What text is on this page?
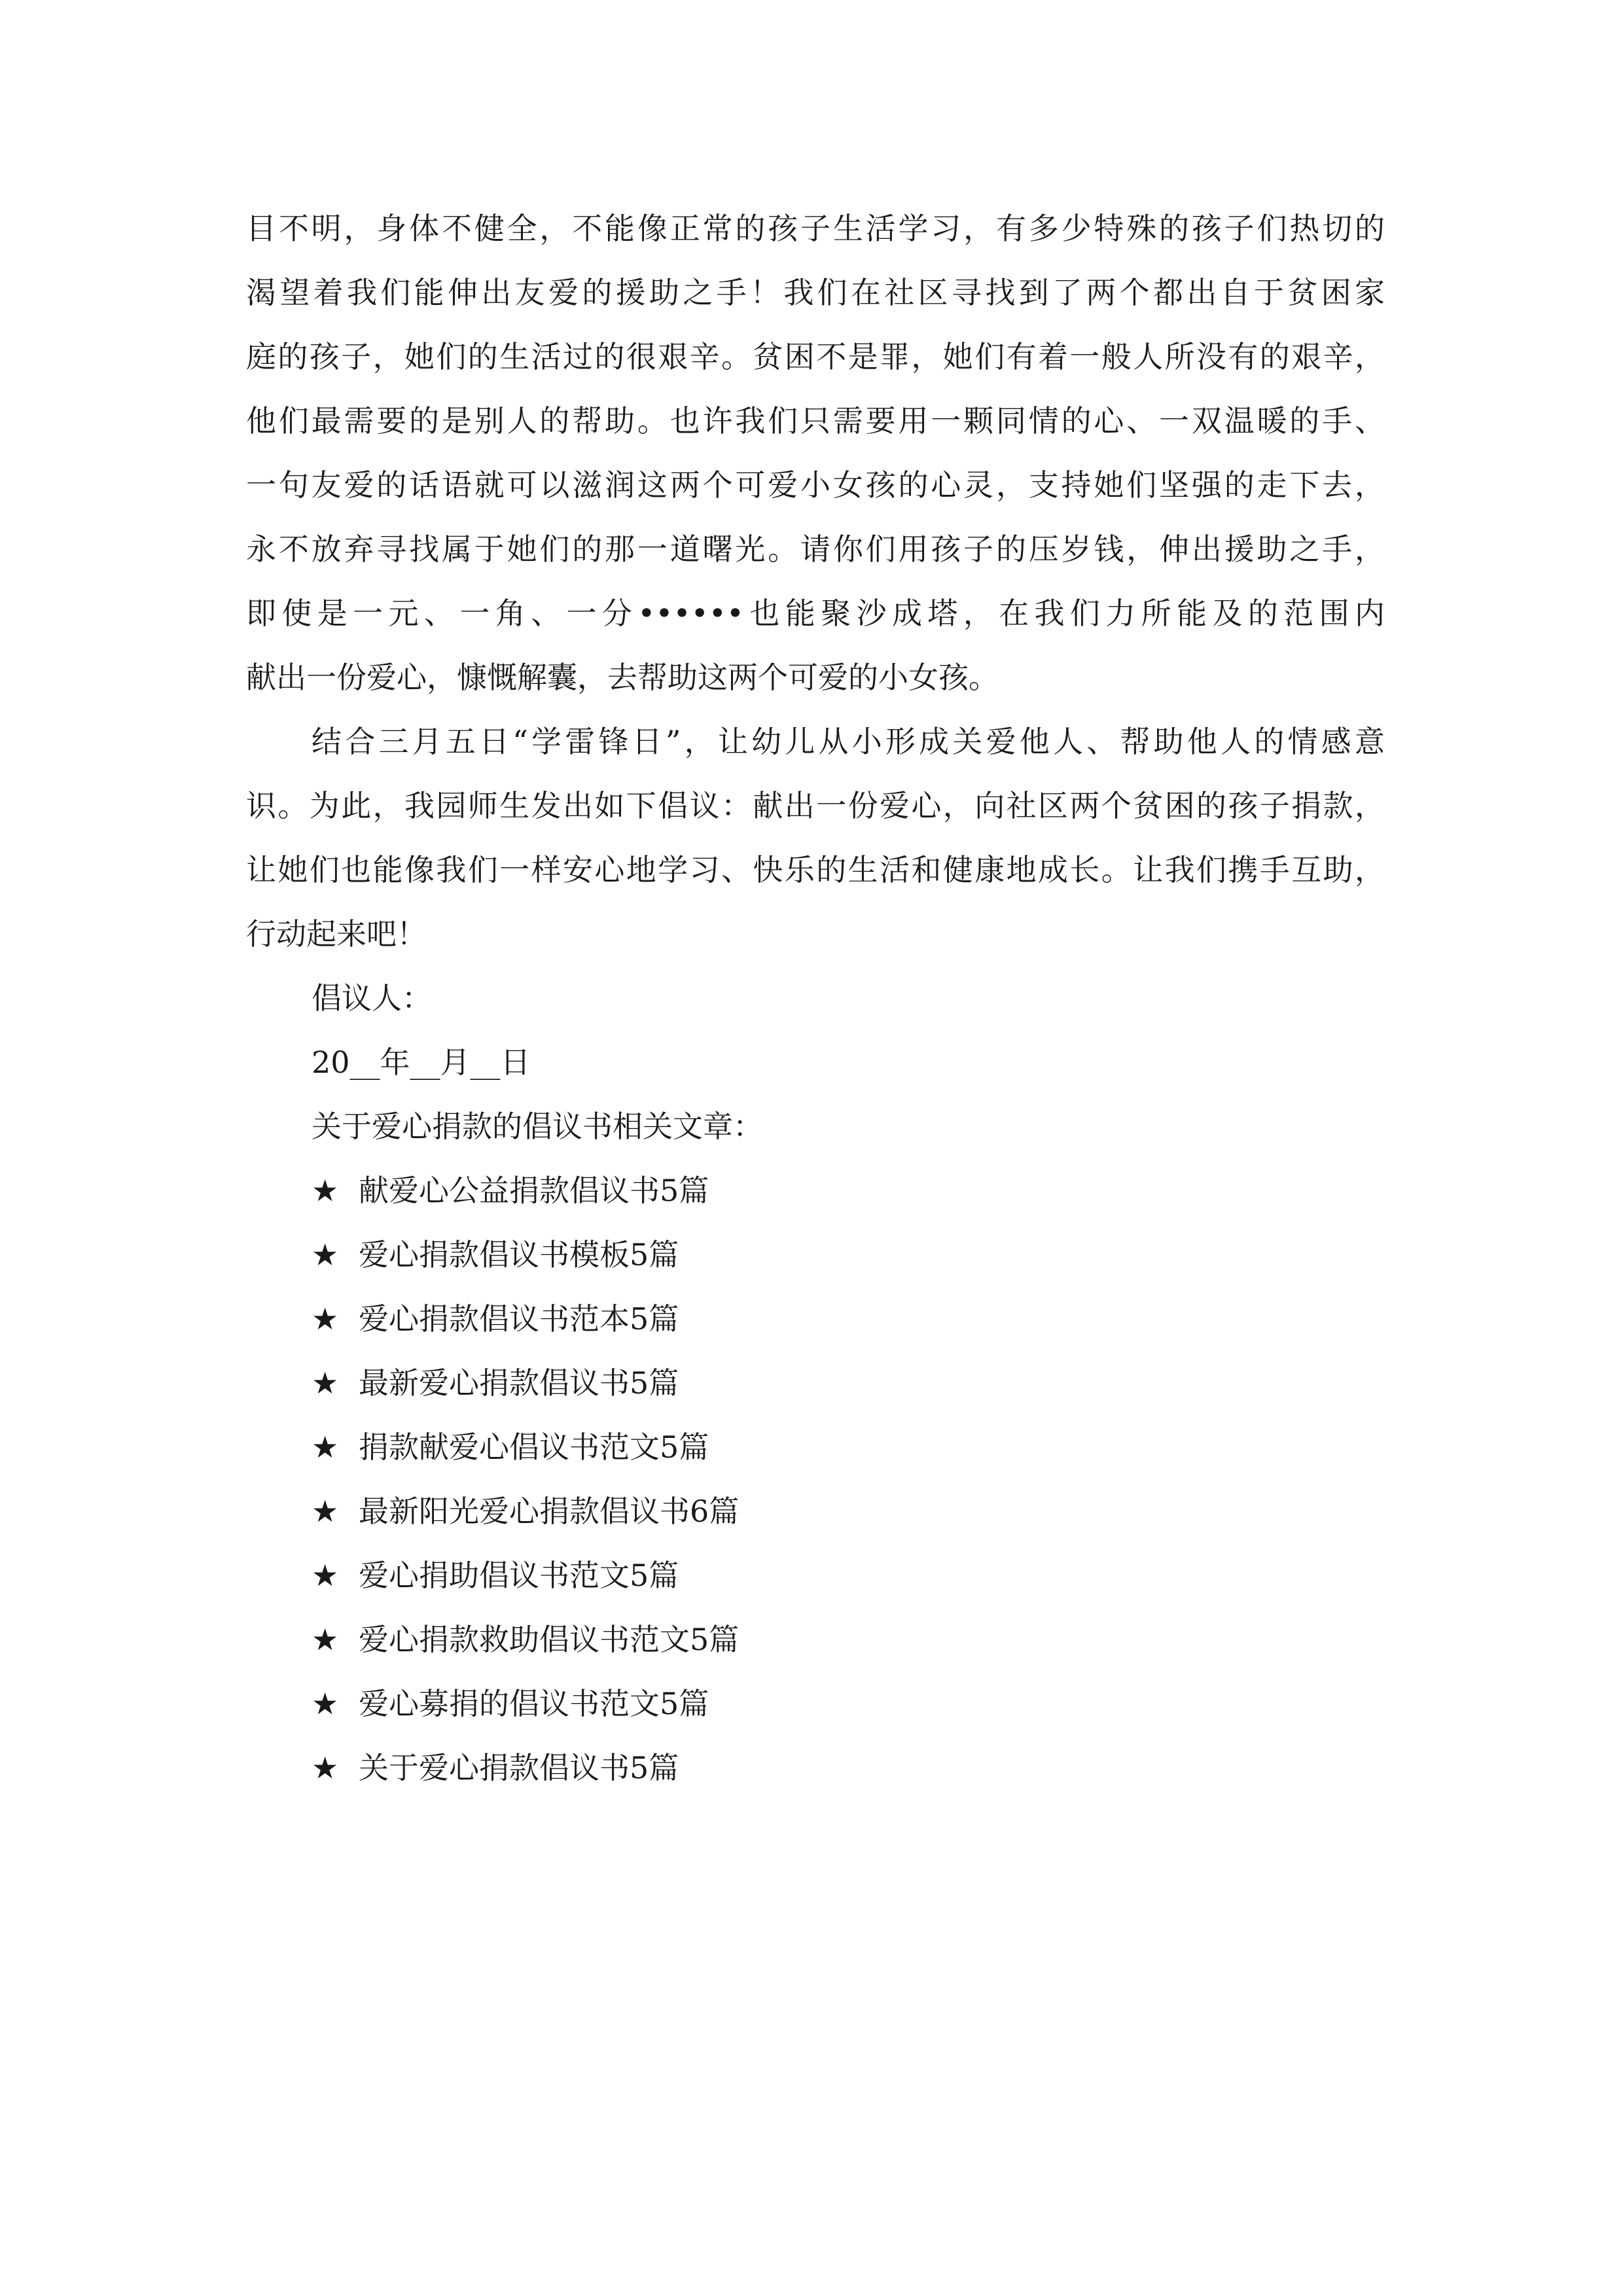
目不明，身体不健全，不能像正常的孩子生活学习，有多少特殊的孩子们热切的
渴望着我们能伸出友爱的援助之手！我们在社区寻找到了两个都出自于贫困家
庭的孩子，她们的生活过的很艰辛。贫困不是罪，她们有着一般人所没有的艰辛，
他们最需要的是别人的帮助。也许我们只需要用一颗同情的心、一双温暖的手、
一句友爱的话语就可以滋润这两个可爱小女孩的心灵，支持她们坚强的走下去，
永不放弃寻找属于她们的那一道曙光。请你们用孩子的压岁钱，伸出援助之手，
即使是一元、一角、一分••••••也能聚沙成塔，在我们力所能及的范围内
献出一份爱心，慷慨解囊，去帮助这两个可爱的小女孩。
结合三月五日“学雷锋日”，让幼儿从小形成关爱他人、帮助他人的情感意
识。为此，我园师生发出如下倡议：献出一份爱心，向社区两个贫困的孩子捐款，
让她们也能像我们一样安心地学习、快乐的生活和健康地成长。让我们携手互助，
行动起来吧！
倡议人：
20__年__月__日
关于爱心捐款的倡议书相关文章：
★ 献爱心公益捐款倡议书5篇
★ 爱心捐款倡议书模板5篇
★ 爱心捐款倡议书范本5篇
★ 最新爱心捐款倡议书5篇
★ 捐款献爱心倡议书范文5篇
★ 最新阳光爱心捐款倡议书6篇
★ 爱心捐助倡议书范文5篇
★ 爱心捐款救助倡议书范文5篇
★ 爱心募捐的倡议书范文5篇
★ 关于爱心捐款倡议书5篇
